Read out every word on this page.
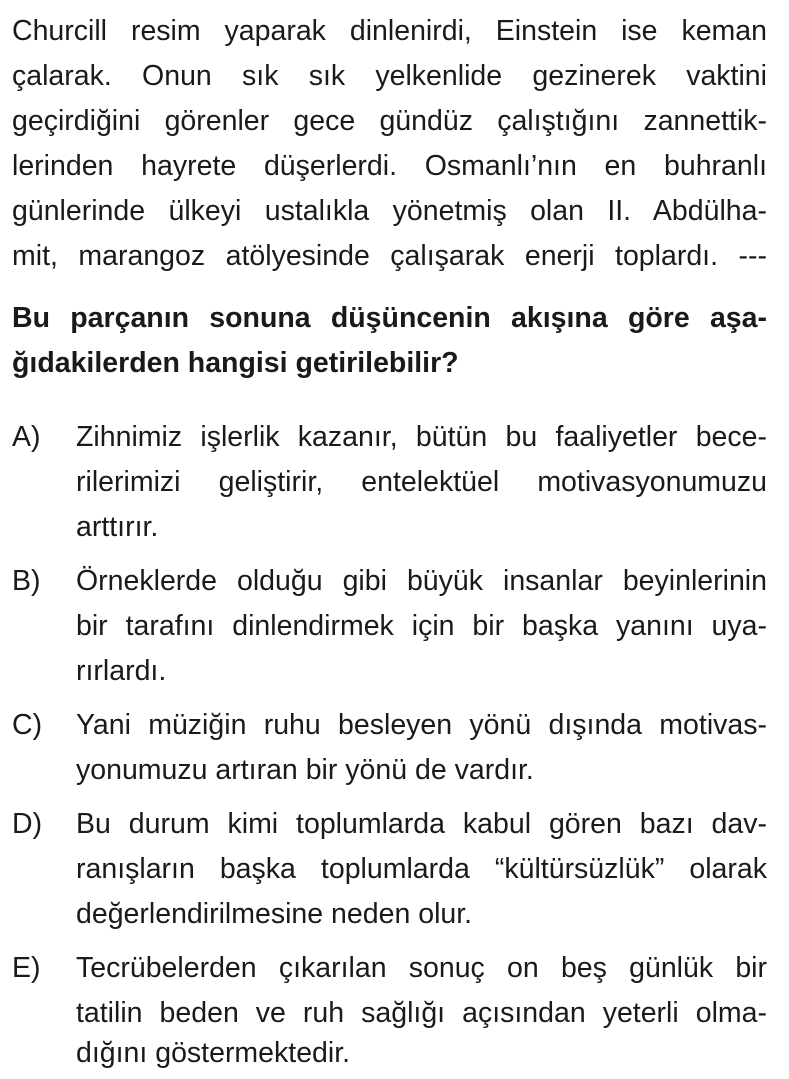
Churcill resim yaparak dinlenirdi, Einstein ise keman
çalarak. Onun sık sık yelkenlide gezinerek vaktini
geçirdiğini görenler gece gündüz çalıştığını zannettik-
lerinden hayrete düşerlerdi. Osmanlı’nın en buhranlı
günlerinde ülkeyi ustalıkla yönetmiş olan II. Abdülha-
mit, marangoz atölyesinde çalışarak enerji toplardı. ---
Bu parçanın sonuna düşüncenin akışına göre aşa-
ğıdakilerden hangisi getirilebilir?
A) Zihnimiz işlerlik kazanır, bütün bu faaliyetler bece-
rilerimizi geliştirir, entelektüel motivasyonumuzu
arttırır.
B) Örneklerde olduğu gibi büyük insanlar beyinlerinin
bir tarafını dinlendirmek için bir başka yanını uya-
rırlardı.
C) Yani müziğin ruhu besleyen yönü dışında motivas-
yonumuzu artıran bir yönü de vardır.
D) Bu durum kimi toplumlarda kabul gören bazı dav-
ranışların başka toplumlarda “kültürsüzlük” olarak
değerlendirilmesine neden olur.
E) Tecrübelerden çıkarılan sonuç on beş günlük bir
tatilin beden ve ruh sağlığı açısından yeterli olma-
dığını göstermektedir.
